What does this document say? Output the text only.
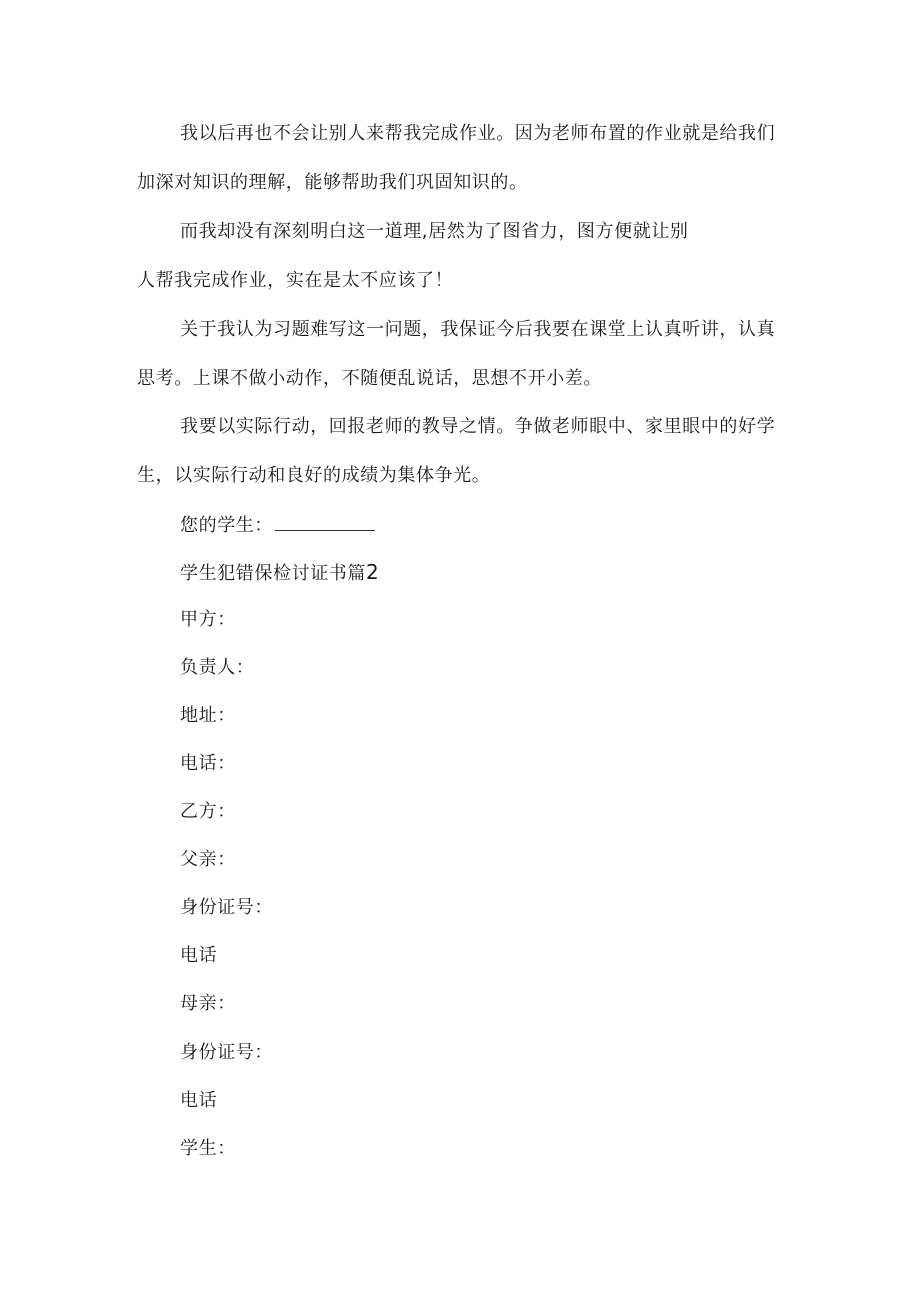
我以后再也不会让别人来帮我完成作业。因为老师布置的作业就是给我们
加深对知识的理解，能够帮助我们巩固知识的。
而我却没有深刻明白这一道理,居然为了图省力，图方便就让别
人帮我完成作业，实在是太不应该了！
关于我认为习题难写这一问题，我保证今后我要在课堂上认真听讲，认真
思考。上课不做小动作，不随便乱说话，思想不开小差。
我要以实际行动，回报老师的教导之情。争做老师眼中、家里眼中的好学
生，以实际行动和良好的成绩为集体争光。
您的学生：
学生犯错保检讨证书篇2
甲方：
负责人：
地址：
电话：
乙方：
父亲：
身份证号：
电话
母亲：
身份证号：
电话
学生：
